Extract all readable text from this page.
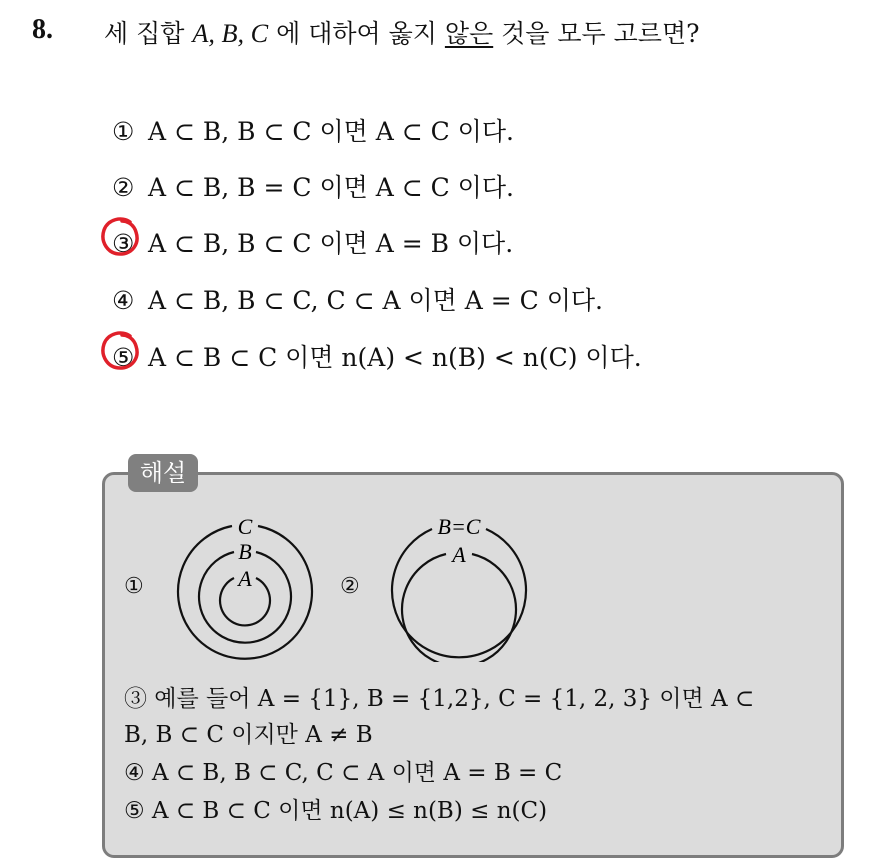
8. 세 집합 A, B, C 에 대하여 옳지 않은 것을 모두 고르면?
① A ⊂ B, B ⊂ C 이면 A ⊂ C 이다.
② A ⊂ B, B = C 이면 A ⊂ C 이다.
③ A ⊂ B, B ⊂ C 이면 A = B 이다.
④ A ⊂ B, B ⊂ C, C ⊂ A 이면 A = C 이다.
⑤ A ⊂ B ⊂ C 이면 n(A) < n(B) < n(C) 이다.
해설
①
C
B
A	②
B=C
A
③ 예를 들어 A = {1}, B = {1,2}, C = {1, 2, 3} 이면 A ⊂
B, B ⊂ C 이지만 A ≠ B
④ A ⊂ B, B ⊂ C, C ⊂ A 이면 A = B = C
⑤ A ⊂ B ⊂ C 이면 n(A) ≤ n(B) ≤ n(C)
